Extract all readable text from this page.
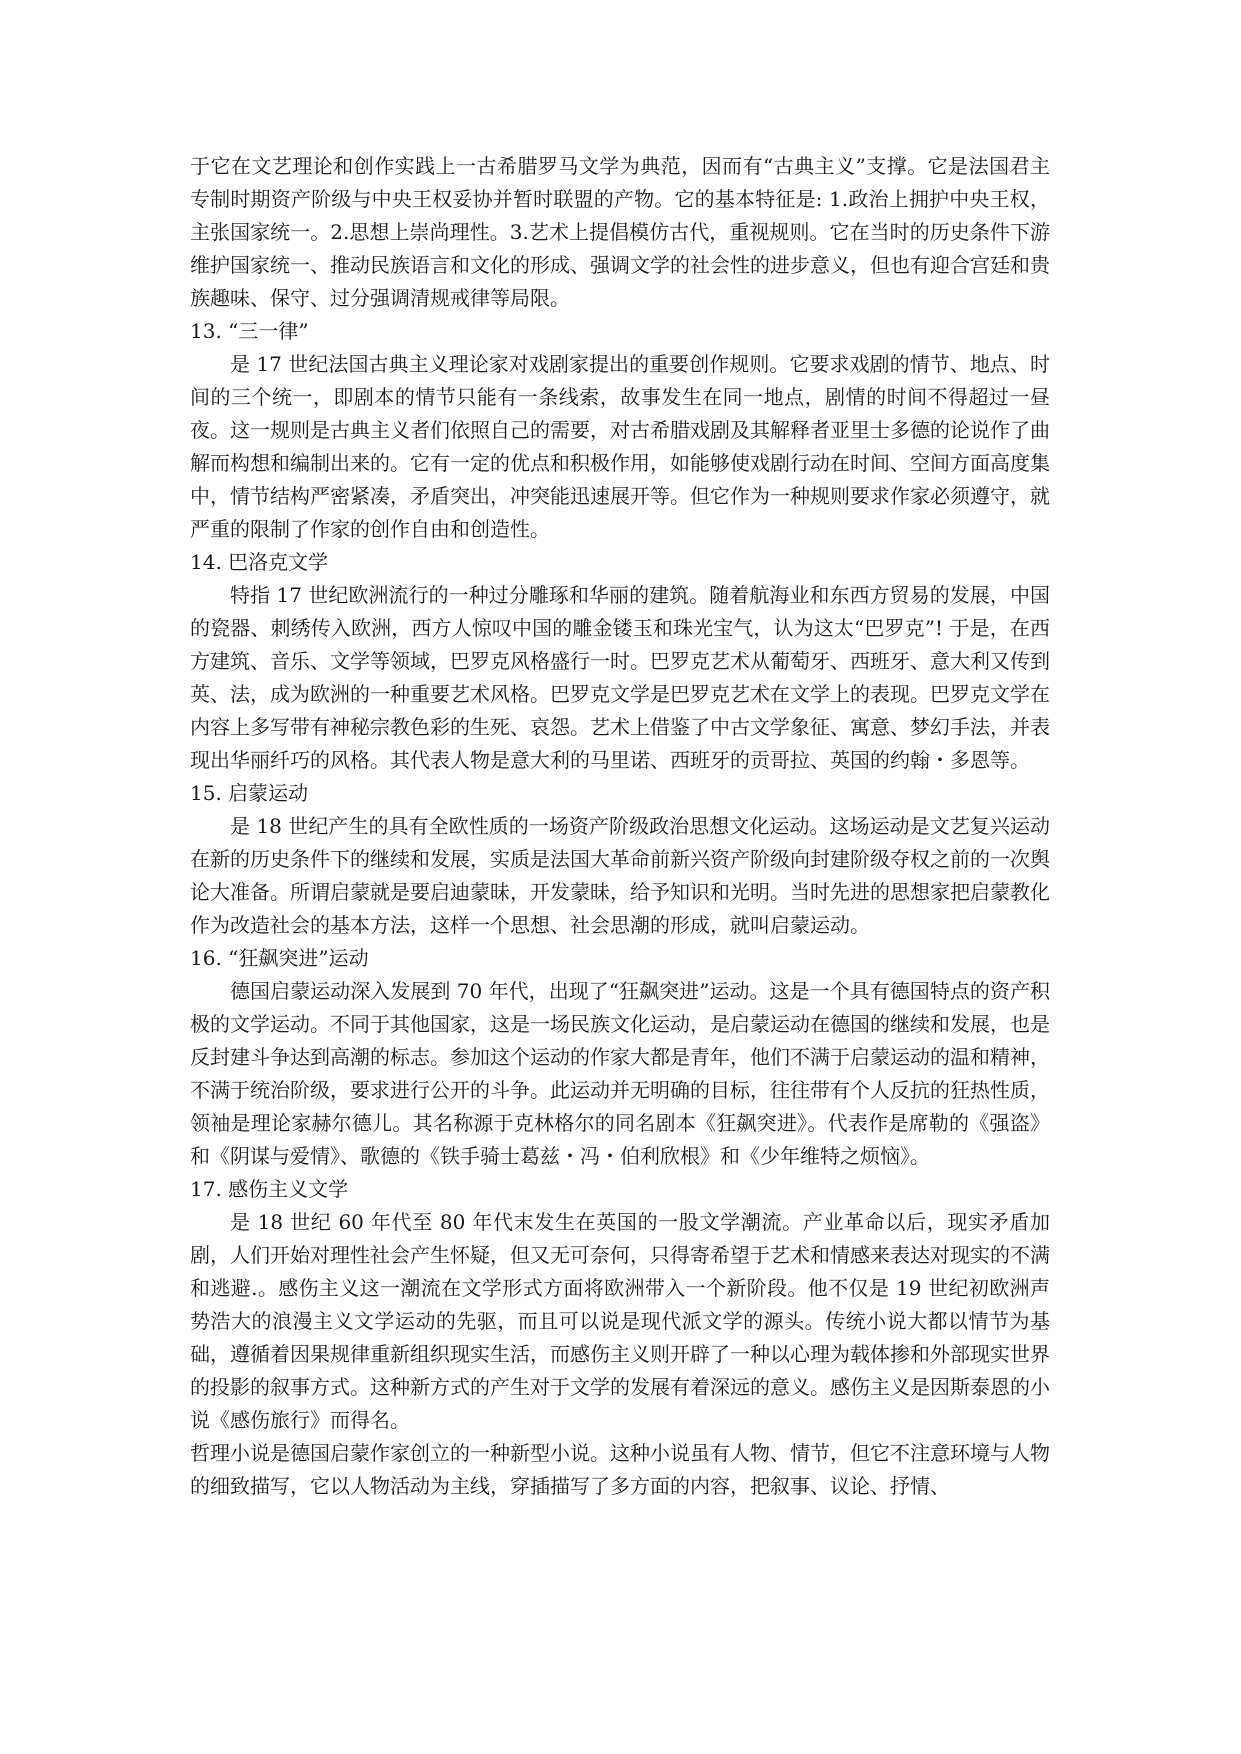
于它在文艺理论和创作实践上一古希腊罗马文学为典范，因而有“古典主义”支撑。它是法国君主专制时期资产阶级与中央王权妥协并暂时联盟的产物。它的基本特征是: 1.政治上拥护中央王权，主张国家统一。2.思想上崇尚理性。3.艺术上提倡模仿古代，重视规则。它在当时的历史条件下游维护国家统一、推动民族语言和文化的形成、强调文学的社会性的进步意义，但也有迎合宫廷和贵族趣味、保守、过分强调清规戒律等局限。

13. “三一律”

是 17 世纪法国古典主义理论家对戏剧家提出的重要创作规则。它要求戏剧的情节、地点、时间的三个统一，即剧本的情节只能有一条线索，故事发生在同一地点，剧情的时间不得超过一昼夜。这一规则是古典主义者们依照自己的需要，对古希腊戏剧及其解释者亚里士多德的论说作了曲解而构想和编制出来的。它有一定的优点和积极作用，如能够使戏剧行动在时间、空间方面高度集中，情节结构严密紧凑，矛盾突出，冲突能迅速展开等。但它作为一种规则要求作家必须遵守，就严重的限制了作家的创作自由和创造性。

14. 巴洛克文学

特指 17 世纪欧洲流行的一种过分雕琢和华丽的建筑。随着航海业和东西方贸易的发展，中国的瓷器、刺绣传入欧洲，西方人惊叹中国的雕金镂玉和珠光宝气，认为这太“巴罗克”! 于是，在西方建筑、音乐、文学等领域，巴罗克风格盛行一时。巴罗克艺术从葡萄牙、西班牙、意大利又传到英、法，成为欧洲的一种重要艺术风格。巴罗克文学是巴罗克艺术在文学上的表现。巴罗克文学在内容上多写带有神秘宗教色彩的生死、哀怨。艺术上借鉴了中古文学象征、寓意、梦幻手法，并表现出华丽纤巧的风格。其代表人物是意大利的马里诺、西班牙的贡哥拉、英国的约翰・多恩等。

15. 启蒙运动

是 18 世纪产生的具有全欧性质的一场资产阶级政治思想文化运动。这场运动是文艺复兴运动在新的历史条件下的继续和发展，实质是法国大革命前新兴资产阶级向封建阶级夺权之前的一次舆论大准备。所谓启蒙就是要启迪蒙昧，开发蒙昧，给予知识和光明。当时先进的思想家把启蒙教化作为改造社会的基本方法，这样一个思想、社会思潮的形成，就叫启蒙运动。

16. “狂飙突进”运动

德国启蒙运动深入发展到 70 年代，出现了“狂飙突进”运动。这是一个具有德国特点的资产积极的文学运动。不同于其他国家，这是一场民族文化运动，是启蒙运动在德国的继续和发展，也是反封建斗争达到高潮的标志。参加这个运动的作家大都是青年，他们不满于启蒙运动的温和精神，不满于统治阶级，要求进行公开的斗争。此运动并无明确的目标，往往带有个人反抗的狂热性质，领袖是理论家赫尔德儿。其名称源于克林格尔的同名剧本《狂飙突进》。代表作是席勒的《强盗》和《阴谋与爱情》、歌德的《铁手骑士葛兹・冯・伯利欣根》和《少年维特之烦恼》。

17. 感伤主义文学

是 18 世纪 60 年代至 80 年代末发生在英国的一股文学潮流。产业革命以后，现实矛盾加剧，人们开始对理性社会产生怀疑，但又无可奈何，只得寄希望于艺术和情感来表达对现实的不满和逃避.。感伤主义这一潮流在文学形式方面将欧洲带入一个新阶段。他不仅是 19 世纪初欧洲声势浩大的浪漫主义文学运动的先驱，而且可以说是现代派文学的源头。传统小说大都以情节为基础，遵循着因果规律重新组织现实生活，而感伤主义则开辟了一种以心理为载体掺和外部现实世界的投影的叙事方式。这种新方式的产生对于文学的发展有着深远的意义。感伤主义是因斯泰恩的小说《感伤旅行》而得名。

哲理小说是德国启蒙作家创立的一种新型小说。这种小说虽有人物、情节，但它不注意环境与人物的细致描写，它以人物活动为主线，穿插描写了多方面的内容，把叙事、议论、抒情、
